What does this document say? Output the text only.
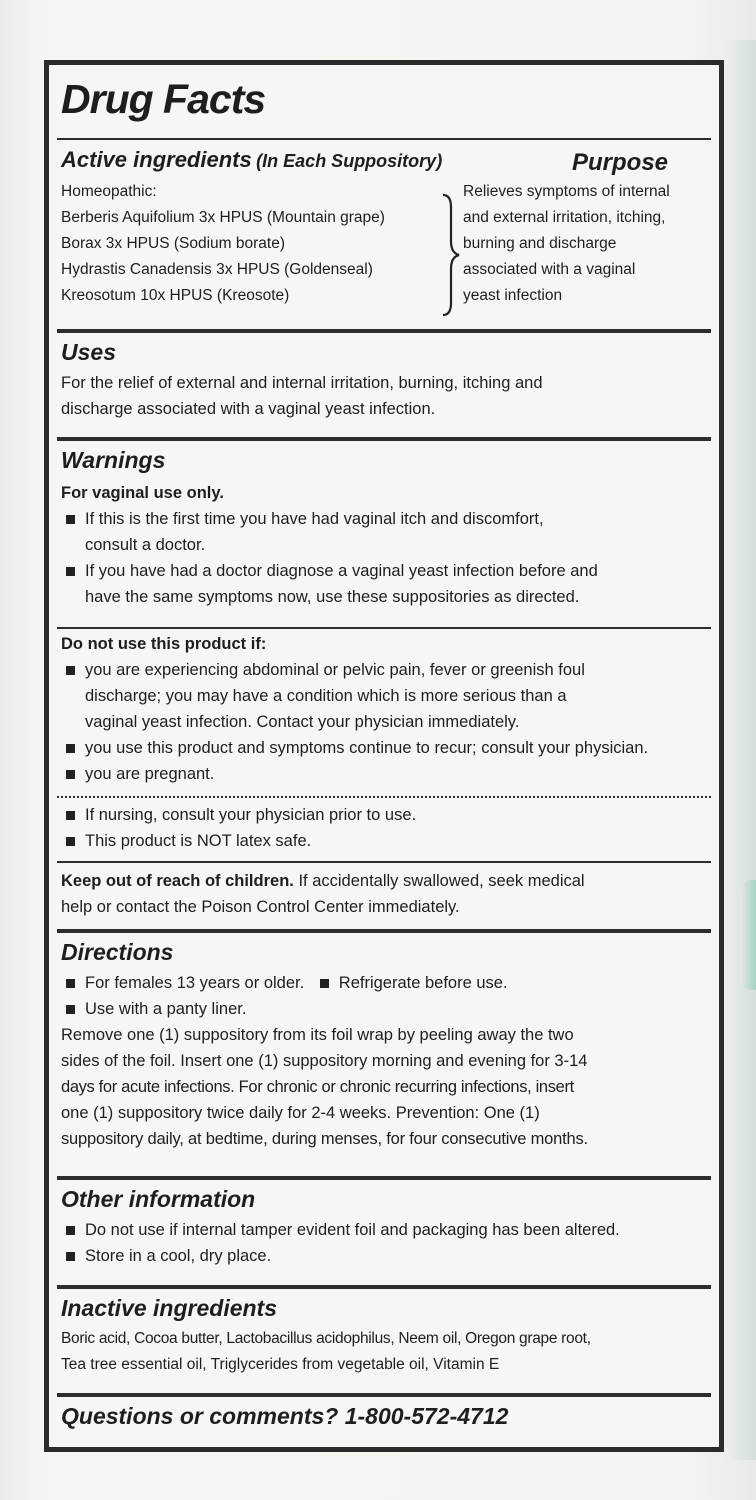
Drug Facts
Active ingredients (In Each Suppository)	Purpose
Homeopathic:
Berberis Aquifolium 3x HPUS (Mountain grape)
Borax 3x HPUS (Sodium borate)
Hydrastis Canadensis 3x HPUS (Goldenseal)
Kreosotum 10x HPUS (Kreosote)
Relieves symptoms of internal
and external irritation, itching,
burning and discharge
associated with a vaginal
yeast infection
Uses
For the relief of external and internal irritation, burning, itching and
discharge associated with a vaginal yeast infection.
Warnings
For vaginal use only.
If this is the first time you have had vaginal itch and discomfort,
consult a doctor.
If you have had a doctor diagnose a vaginal yeast infection before and
have the same symptoms now, use these suppositories as directed.
Do not use this product if:
you are experiencing abdominal or pelvic pain, fever or greenish foul
discharge; you may have a condition which is more serious than a
vaginal yeast infection. Contact your physician immediately.
you use this product and symptoms continue to recur; consult your physician.
you are pregnant.
If nursing, consult your physician prior to use.
This product is NOT latex safe.
Keep out of reach of children. If accidentally swallowed, seek medical
help or contact the Poison Control Center immediately.
Directions
For females 13 years or older. Refrigerate before use.
Use with a panty liner.
Remove one (1) suppository from its foil wrap by peeling away the two
sides of the foil. Insert one (1) suppository morning and evening for 3-14
days for acute infections. For chronic or chronic recurring infections, insert
one (1) suppository twice daily for 2-4 weeks. Prevention: One (1)
suppository daily, at bedtime, during menses, for four consecutive months.
Other information
Do not use if internal tamper evident foil and packaging has been altered.
Store in a cool, dry place.
Inactive ingredients
Boric acid, Cocoa butter, Lactobacillus acidophilus, Neem oil, Oregon grape root,
Tea tree essential oil, Triglycerides from vegetable oil, Vitamin E
Questions or comments? 1-800-572-4712
